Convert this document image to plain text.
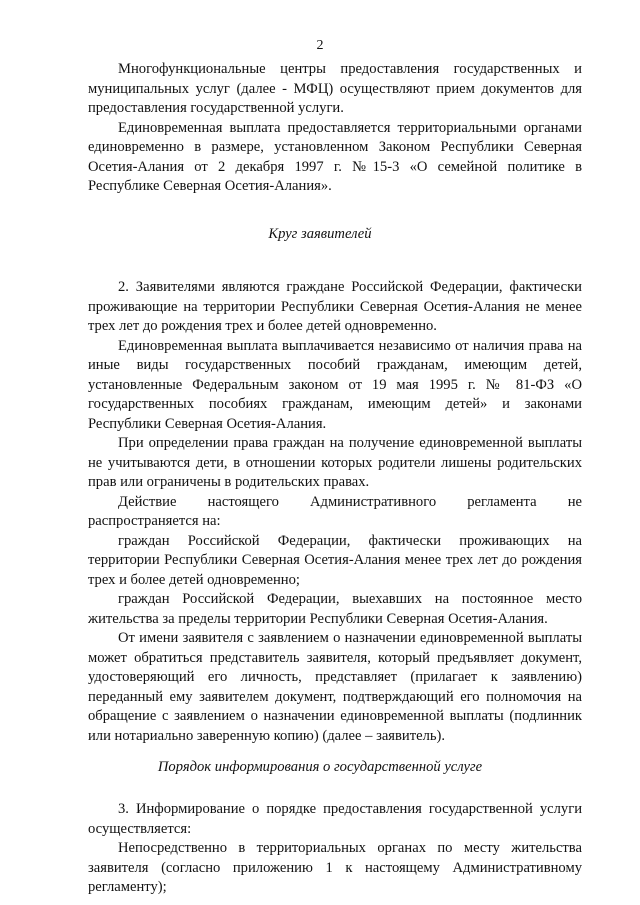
2

Многофункциональные центры предоставления государственных и муниципальных услуг (далее - МФЦ) осуществляют прием документов для предоставления государственной услуги.

Единовременная выплата предоставляется территориальными органами единовременно в размере, установленном Законом Республики Северная Осетия-Алания от 2 декабря 1997 г. №15-3 «О семейной политике в Республике Северная Осетия-Алания».

Круг заявителей

2. Заявителями являются граждане Российской Федерации, фактически проживающие на территории Республики Северная Осетия-Алания не менее трех лет до рождения трех и более детей одновременно.

Единовременная выплата выплачивается независимо от наличия права на иные виды государственных пособий гражданам, имеющим детей, установленные Федеральным законом от 19 мая 1995 г. № 81-ФЗ «О государственных пособиях гражданам, имеющим детей» и законами Республики Северная Осетия-Алания.

При определении права граждан на получение единовременной выплаты не учитываются дети, в отношении которых родители лишены родительских прав или ограничены в родительских правах.

Действие настоящего Административного регламента не распространяется на:

граждан Российской Федерации, фактически проживающих на территории Республики Северная Осетия-Алания менее трех лет до рождения трех и более детей одновременно;

граждан Российской Федерации, выехавших на постоянное место жительства за пределы территории Республики Северная Осетия-Алания.

От имени заявителя с заявлением о назначении единовременной выплаты может обратиться представитель заявителя, который предъявляет документ, удостоверяющий его личность, представляет (прилагает к заявлению) переданный ему заявителем документ, подтверждающий его полномочия на обращение с заявлением о назначении единовременной выплаты (подлинник или нотариально заверенную копию) (далее – заявитель).

Порядок информирования о государственной услуге

3. Информирование о порядке предоставления государственной услуги осуществляется:

Непосредственно в территориальных органах по месту жительства заявителя (согласно приложению 1 к настоящему Административному регламенту);
